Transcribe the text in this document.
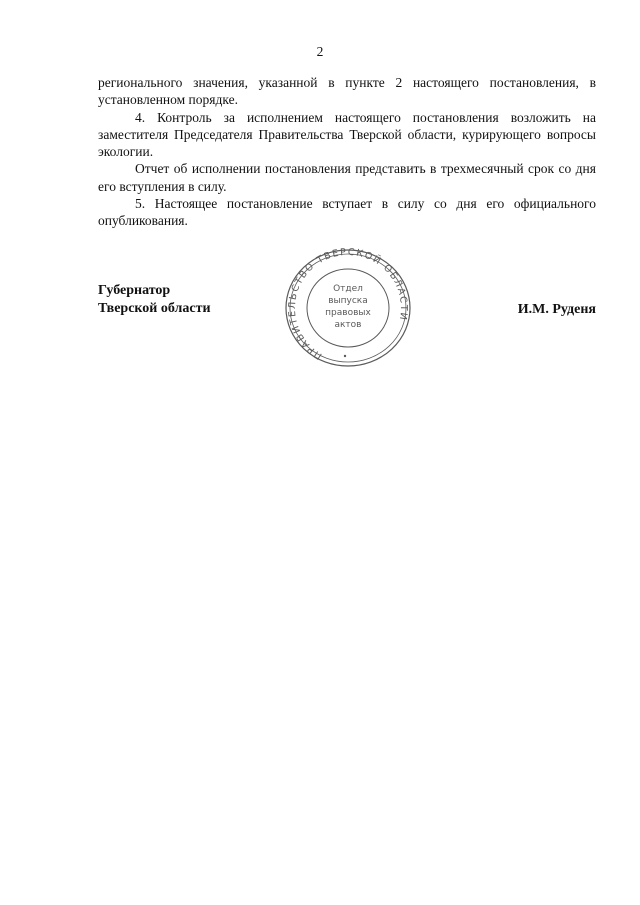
2

регионального значения, указанной в пункте 2 настоящего постановления, в установленном порядке.

4. Контроль за исполнением настоящего постановления возложить на заместителя Председателя Правительства Тверской области, курирующего вопросы экологии.

Отчет об исполнении постановления представить в трехмесячный срок со дня его вступления в силу.

5. Настоящее постановление вступает в силу со дня его официального опубликования.

Губернатор
Тверской области
ПРАВИТЕЛЬСТВО ТВЕРСКОЙ ОБЛАСТИ
Отдел
выпуска
правовых
актов
И.М. Руденя
